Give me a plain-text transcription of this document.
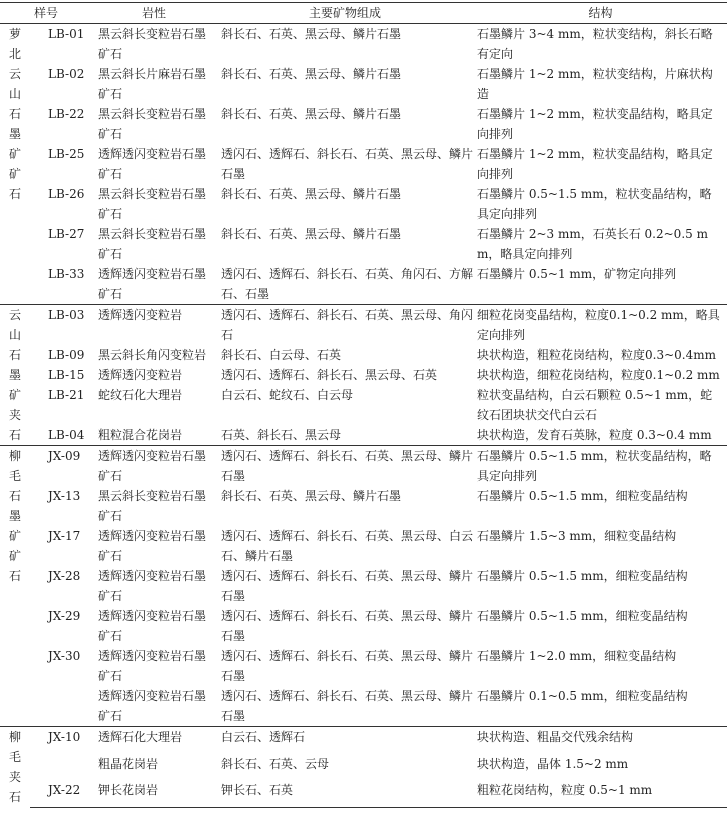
样号		岩性	主要矿物组成	结构

萝北云山石墨矿矿石	LB-01	黑云斜长变粒岩石墨矿石	斜长石、石英、黑云母、鳞片石墨	石墨鳞片 3~4 mm，粒状变结构，斜长石略有定向
	LB-02	黑云斜长片麻岩石墨矿石	斜长石、石英、黑云母、鳞片石墨	石墨鳞片 1~2 mm，粒状变结构，片麻状构造
	LB-22	黑云斜长变粒岩石墨矿石	斜长石、石英、黑云母、鳞片石墨	石墨鳞片 1~2 mm，粒状变晶结构，略具定向排列
	LB-25	透辉透闪变粒岩石墨矿石	透闪石、透辉石、斜长石、石英、黑云母、鳞片石墨	石墨鳞片 1~2 mm，粒状变晶结构，略具定向排列
	LB-26	黑云斜长变粒岩石墨矿石	斜长石、石英、黑云母、鳞片石墨	石墨鳞片 0.5~1.5 mm，粒状变晶结构，略具定向排列
	LB-27	黑云斜长变粒岩石墨矿石	斜长石、石英、黑云母、鳞片石墨	石墨鳞片 2~3 mm，石英长石 0.2~0.5 mm，略具定向排列
	LB-33	透辉透闪变粒岩石墨矿石	透闪石、透辉石、斜长石、石英、角闪石、方解石、石墨	石墨鳞片 0.5~1 mm，矿物定向排列

云山石墨矿夹石	LB-03	透辉透闪变粒岩	透闪石、透辉石、斜长石、石英、黑云母、角闪石	细粒花岗变晶结构，粒度0.1~0.2 mm，略具定向排列
	LB-09	黑云斜长角闪变粒岩	斜长石、白云母、石英	块状构造，粗粒花岗结构，粒度0.3~0.4mm
	LB-15	透辉透闪变粒岩	透闪石、透辉石、斜长石、黑云母、石英	块状构造，细粒花岗结构，粒度0.1~0.2 mm
	LB-21	蛇纹石化大理岩	白云石、蛇纹石、白云母	粒状变晶结构，白云石颗粒 0.5~1 mm，蛇纹石团块状交代白云石
	LB-04	粗粒混合花岗岩	石英、斜长石、黑云母	块状构造，发育石英脉，粒度 0.3~0.4 mm

柳毛石墨矿矿石	JX-09	透辉透闪变粒岩石墨矿石	透闪石、透辉石、斜长石、石英、黑云母、鳞片石墨	石墨鳞片 0.5~1.5 mm，粒状变晶结构，略具定向排列
	JX-13	黑云斜长变粒岩石墨矿石	斜长石、石英、黑云母、鳞片石墨	石墨鳞片 0.5~1.5 mm，细粒变晶结构
	JX-17	透辉透闪变粒岩石墨矿石	透闪石、透辉石、斜长石、石英、黑云母、白云石、鳞片石墨	石墨鳞片 1.5~3 mm，细粒变晶结构
	JX-28	透辉透闪变粒岩石墨矿石	透闪石、透辉石、斜长石、石英、黑云母、鳞片石墨	石墨鳞片 0.5~1.5 mm，细粒变晶结构
	JX-29	透辉透闪变粒岩石墨矿石	透闪石、透辉石、斜长石、石英、黑云母、鳞片石墨	石墨鳞片 0.5~1.5 mm，细粒变晶结构
	JX-30	透辉透闪变粒岩石墨矿石	透闪石、透辉石、斜长石、石英、黑云母、鳞片石墨	石墨鳞片 1~2.0 mm，细粒变晶结构
		透辉透闪变粒岩石墨矿石	透闪石、透辉石、斜长石、石英、黑云母、鳞片石墨	石墨鳞片 0.1~0.5 mm，细粒变晶结构

柳毛夹石	JX-10	透辉石化大理岩	白云石、透辉石	块状构造、粗晶交代残余结构
		粗晶花岗岩	斜长石、石英、云母	块状构造，晶体 1.5~2 mm
	JX-22	钾长花岗岩	钾长石、石英	粗粒花岗结构，粒度 0.5~1 mm
